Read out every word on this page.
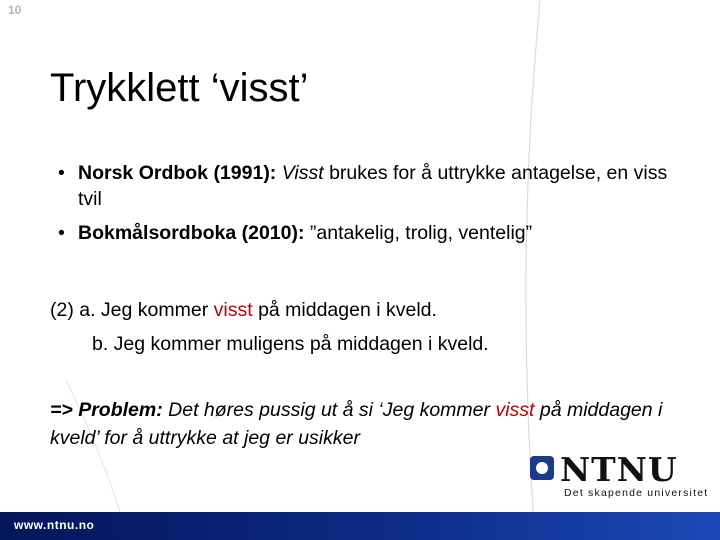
10
Trykklett ‘visst’
• Norsk Ordbok (1991): Visst brukes for å uttrykke antagelse, en viss tvil
• Bokmålsordboka (2010): ”antakelig, trolig, ventelig”
(2) a. Jeg kommer visst på middagen i kveld.
b. Jeg kommer muligens på middagen i kveld.
=> Problem: Det høres pussig ut å si ‘Jeg kommer visst på middagen i kveld’ for å uttrykke at jeg er usikker
NTNU
Det skapende universitet
www.ntnu.no
